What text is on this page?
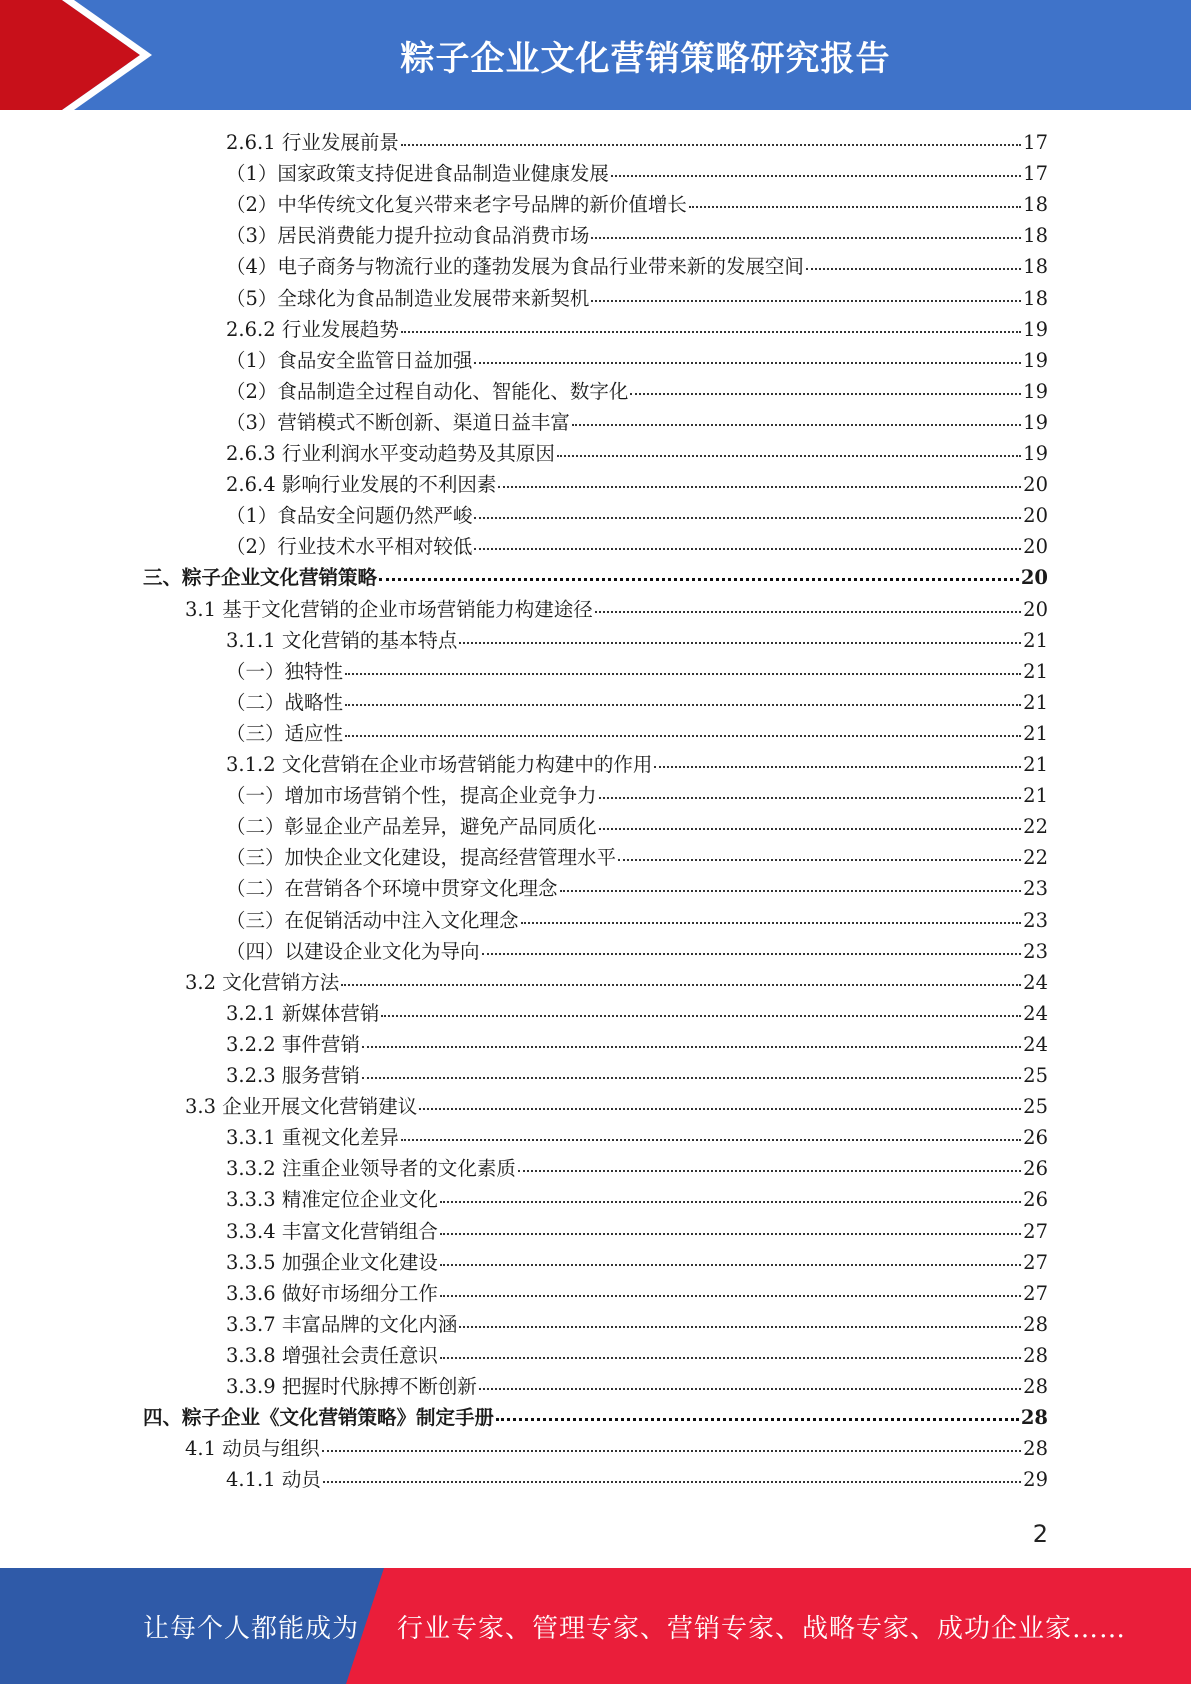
粽子企业文化营销策略研究报告
2.6.1 行业发展前景	17
（1）国家政策支持促进食品制造业健康发展	17
（2）中华传统文化复兴带来老字号品牌的新价值增长	18
（3）居民消费能力提升拉动食品消费市场	18
（4）电子商务与物流行业的蓬勃发展为食品行业带来新的发展空间	18
（5）全球化为食品制造业发展带来新契机	18
2.6.2 行业发展趋势	19
（1）食品安全监管日益加强	19
（2）食品制造全过程自动化、智能化、数字化	19
（3）营销模式不断创新、渠道日益丰富	19
2.6.3 行业利润水平变动趋势及其原因	19
2.6.4 影响行业发展的不利因素	20
（1）食品安全问题仍然严峻	20
（2）行业技术水平相对较低	20
三、粽子企业文化营销策略	20
3.1 基于文化营销的企业市场营销能力构建途径	20
3.1.1 文化营销的基本特点	21
（一）独特性	21
（二）战略性	21
（三）适应性	21
3.1.2 文化营销在企业市场营销能力构建中的作用	21
（一）增加市场营销个性，提高企业竞争力	21
（二）彰显企业产品差异，避免产品同质化	22
（三）加快企业文化建设，提高经营管理水平	22
（二）在营销各个环境中贯穿文化理念	23
（三）在促销活动中注入文化理念	23
（四）以建设企业文化为导向	23
3.2 文化营销方法	24
3.2.1 新媒体营销	24
3.2.2 事件营销	24
3.2.3 服务营销	25
3.3 企业开展文化营销建议	25
3.3.1 重视文化差异	26
3.3.2 注重企业领导者的文化素质	26
3.3.3 精准定位企业文化	26
3.3.4 丰富文化营销组合	27
3.3.5 加强企业文化建设	27
3.3.6 做好市场细分工作	27
3.3.7 丰富品牌的文化内涵	28
3.3.8 增强社会责任意识	28
3.3.9 把握时代脉搏不断创新	28
四、粽子企业《文化营销策略》制定手册	28
4.1 动员与组织	28
4.1.1 动员	29
2
让每个人都能成为 行业专家、管理专家、营销专家、战略专家、成功企业家……
